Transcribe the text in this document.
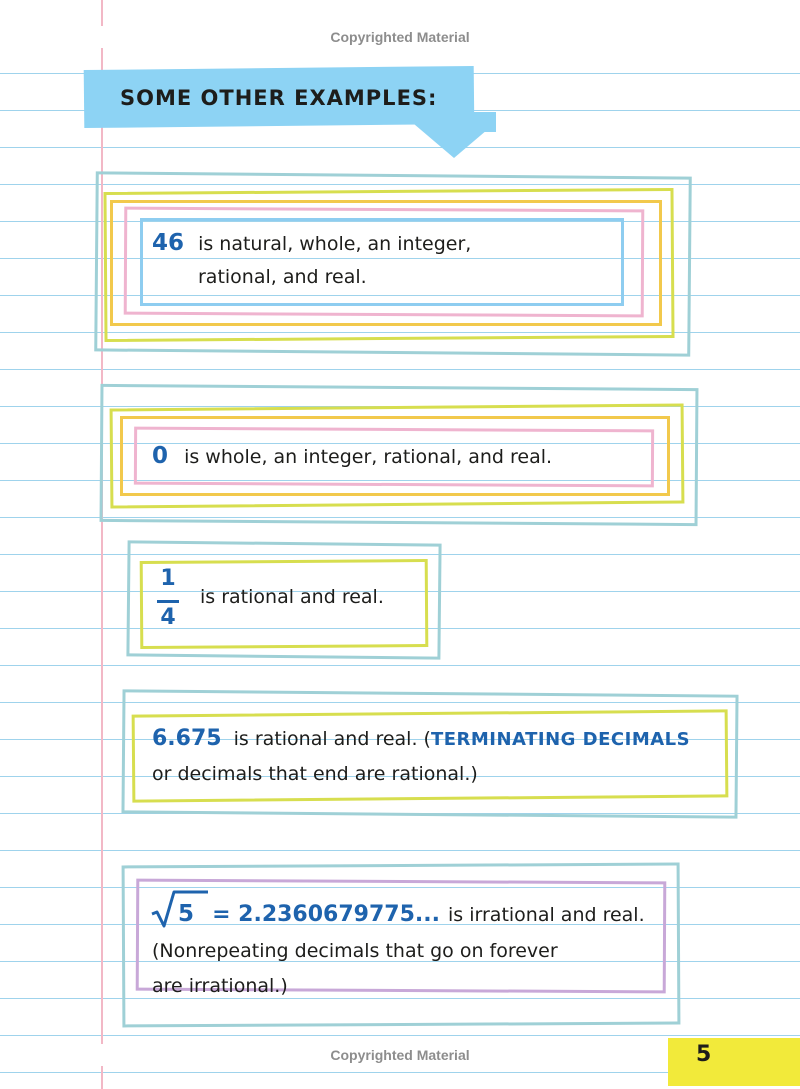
Copyrighted Material
SOME OTHER EXAMPLES:
46 is natural, whole, an integer,
rational, and real.
0 is whole, an integer, rational, and real.
1
4
is rational and real.
6.675 is rational and real. (TERMINATING DECIMALS
or decimals that end are rational.)
5 = 2.2360679775... is irrational and real.
(Nonrepeating decimals that go on forever
are irrational.)
Copyrighted Material	5
